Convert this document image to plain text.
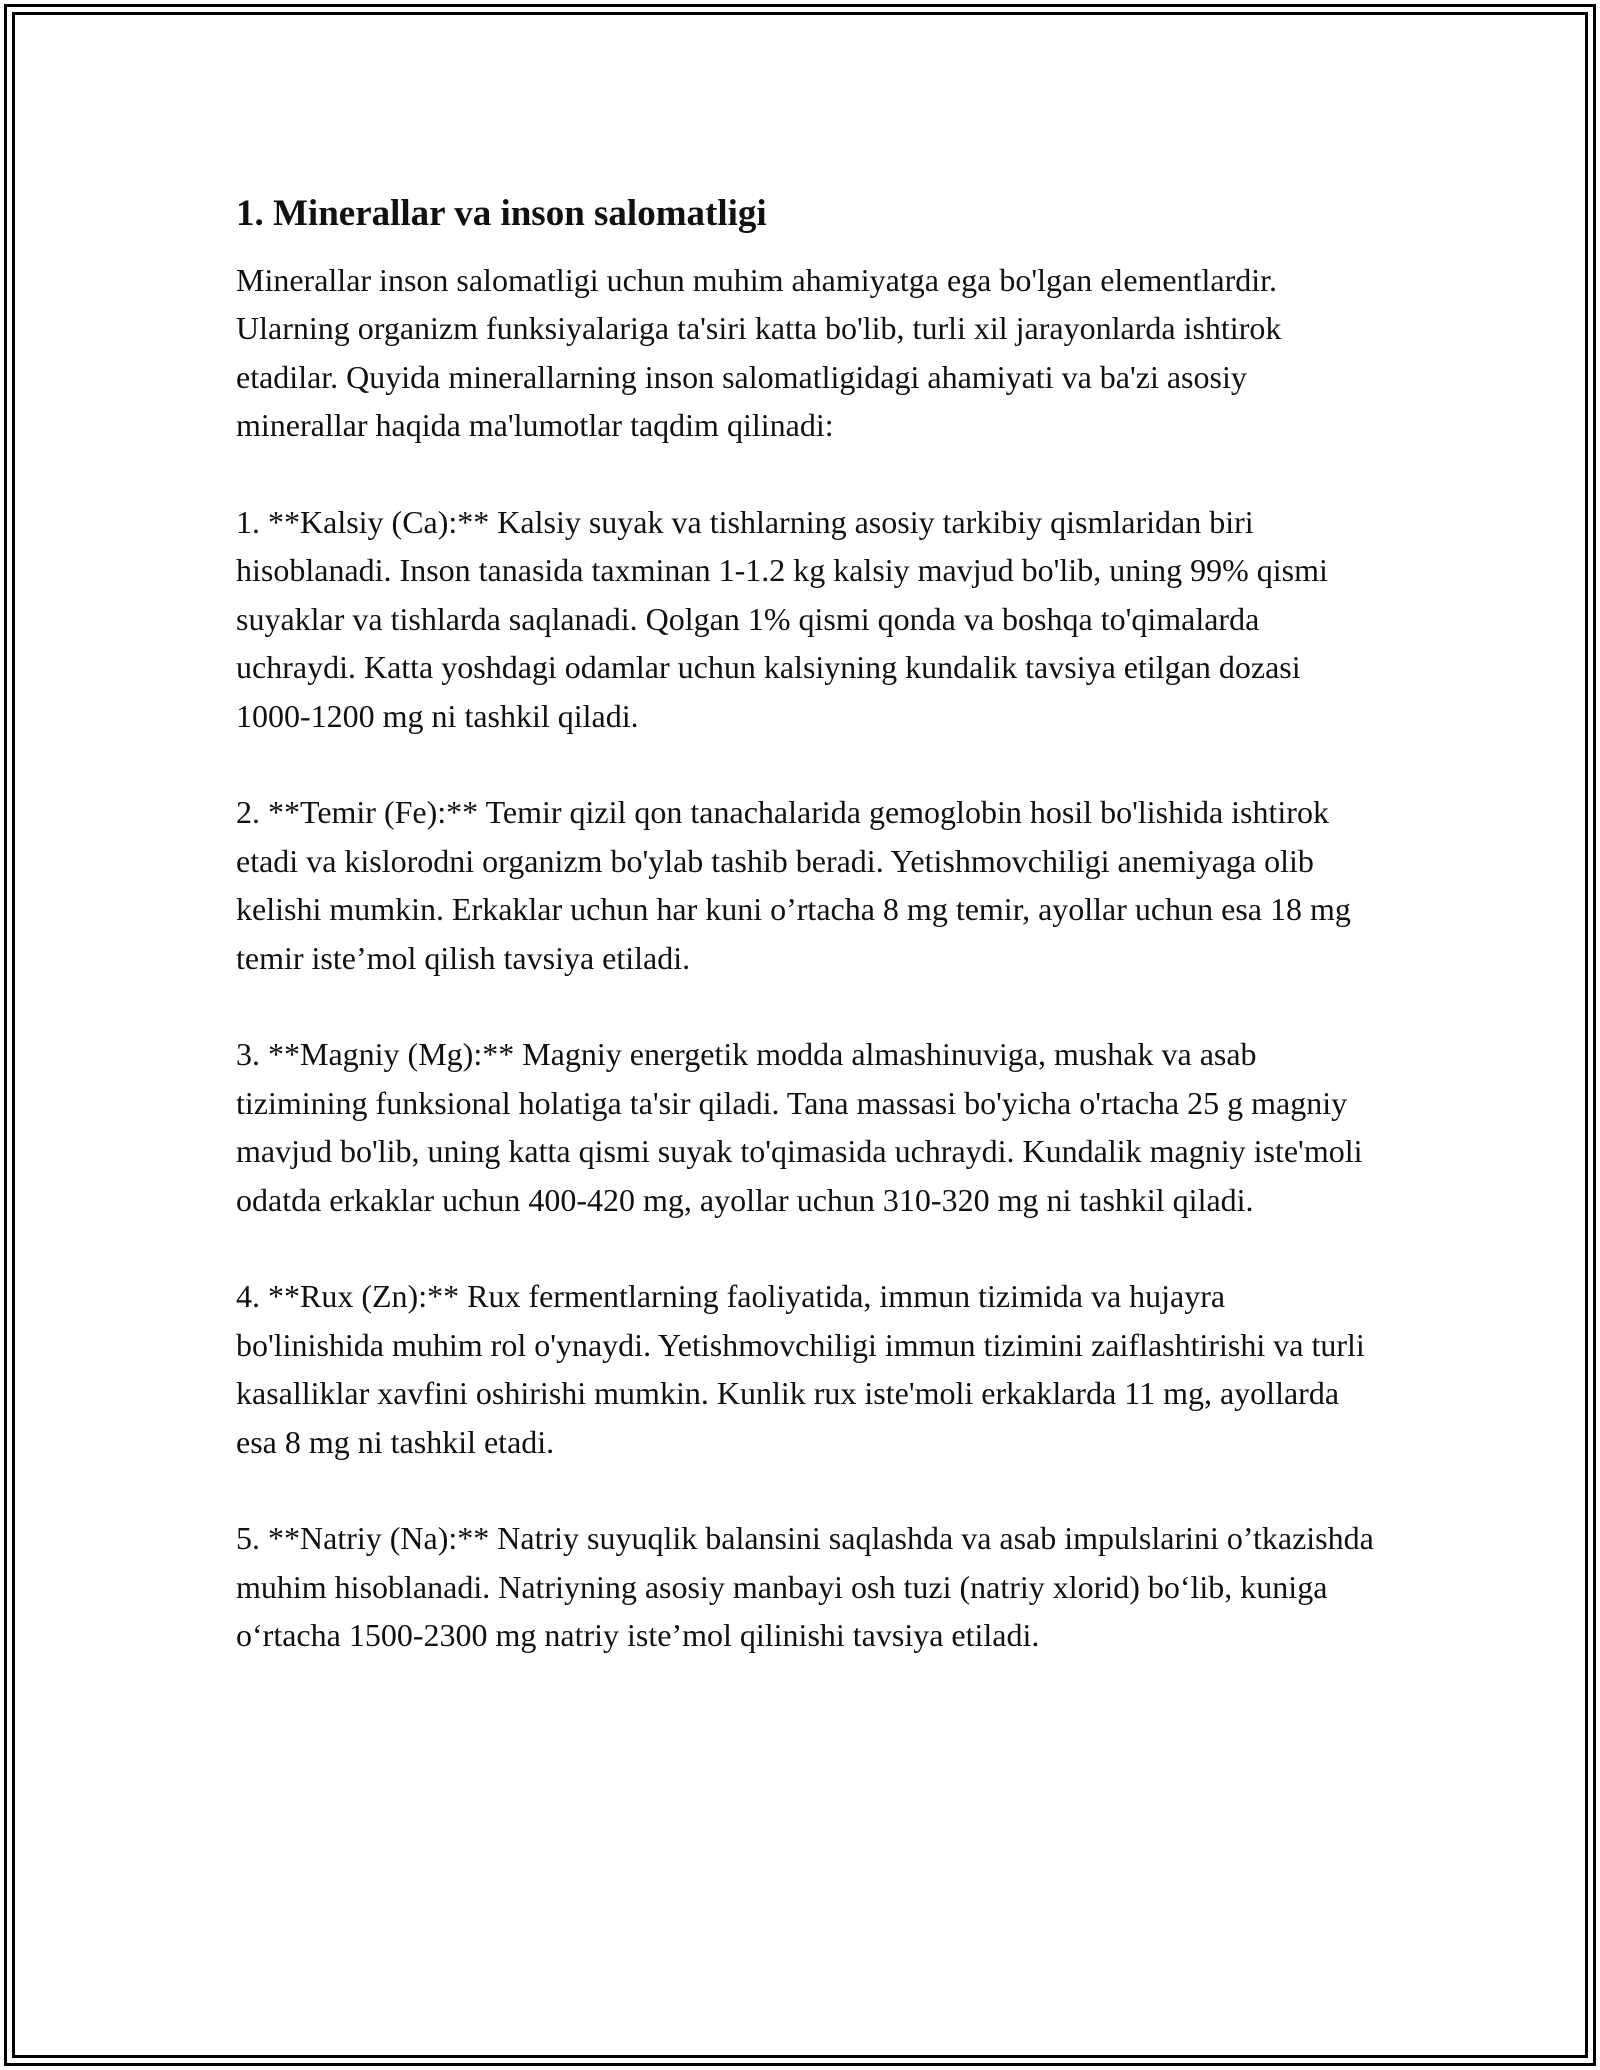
1. Minerallar va inson salomatligi

Minerallar inson salomatligi uchun muhim ahamiyatga ega bo'lgan elementlardir. Ularning organizm funksiyalariga ta'siri katta bo'lib, turli xil jarayonlarda ishtirok etadilar. Quyida minerallarning inson salomatligidagi ahamiyati va ba'zi asosiy minerallar haqida ma'lumotlar taqdim qilinadi:

1. **Kalsiy (Ca):** Kalsiy suyak va tishlarning asosiy tarkibiy qismlaridan biri hisoblanadi. Inson tanasida taxminan 1-1.2 kg kalsiy mavjud bo'lib, uning 99% qismi suyaklar va tishlarda saqlanadi. Qolgan 1% qismi qonda va boshqa to'qimalarda uchraydi. Katta yoshdagi odamlar uchun kalsiyning kundalik tavsiya etilgan dozasi 1000-1200 mg ni tashkil qiladi.

2. **Temir (Fe):** Temir qizil qon tanachalarida gemoglobin hosil bo'lishida ishtirok etadi va kislorodni organizm bo'ylab tashib beradi. Yetishmovchiligi anemiyaga olib kelishi mumkin. Erkaklar uchun har kuni o’rtacha 8 mg temir, ayollar uchun esa 18 mg temir iste’mol qilish tavsiya etiladi.

3. **Magniy (Mg):** Magniy energetik modda almashinuviga, mushak va asab tizimining funksional holatiga ta'sir qiladi. Tana massasi bo'yicha o'rtacha 25 g magniy mavjud bo'lib, uning katta qismi suyak to'qimasida uchraydi. Kundalik magniy iste'moli odatda erkaklar uchun 400-420 mg, ayollar uchun 310-320 mg ni tashkil qiladi.

4. **Rux (Zn):** Rux fermentlarning faoliyatida, immun tizimida va hujayra bo'linishida muhim rol o'ynaydi. Yetishmovchiligi immun tizimini zaiflashtirishi va turli kasalliklar xavfini oshirishi mumkin. Kunlik rux iste'moli erkaklarda 11 mg, ayollarda esa 8 mg ni tashkil etadi.

5. **Natriy (Na):** Natriy suyuqlik balansini saqlashda va asab impulslarini o’tkazishda muhim hisoblanadi. Natriyning asosiy manbayi osh tuzi (natriy xlorid) bo‘lib, kuniga o‘rtacha 1500-2300 mg natriy iste’mol qilinishi tavsiya etiladi.
